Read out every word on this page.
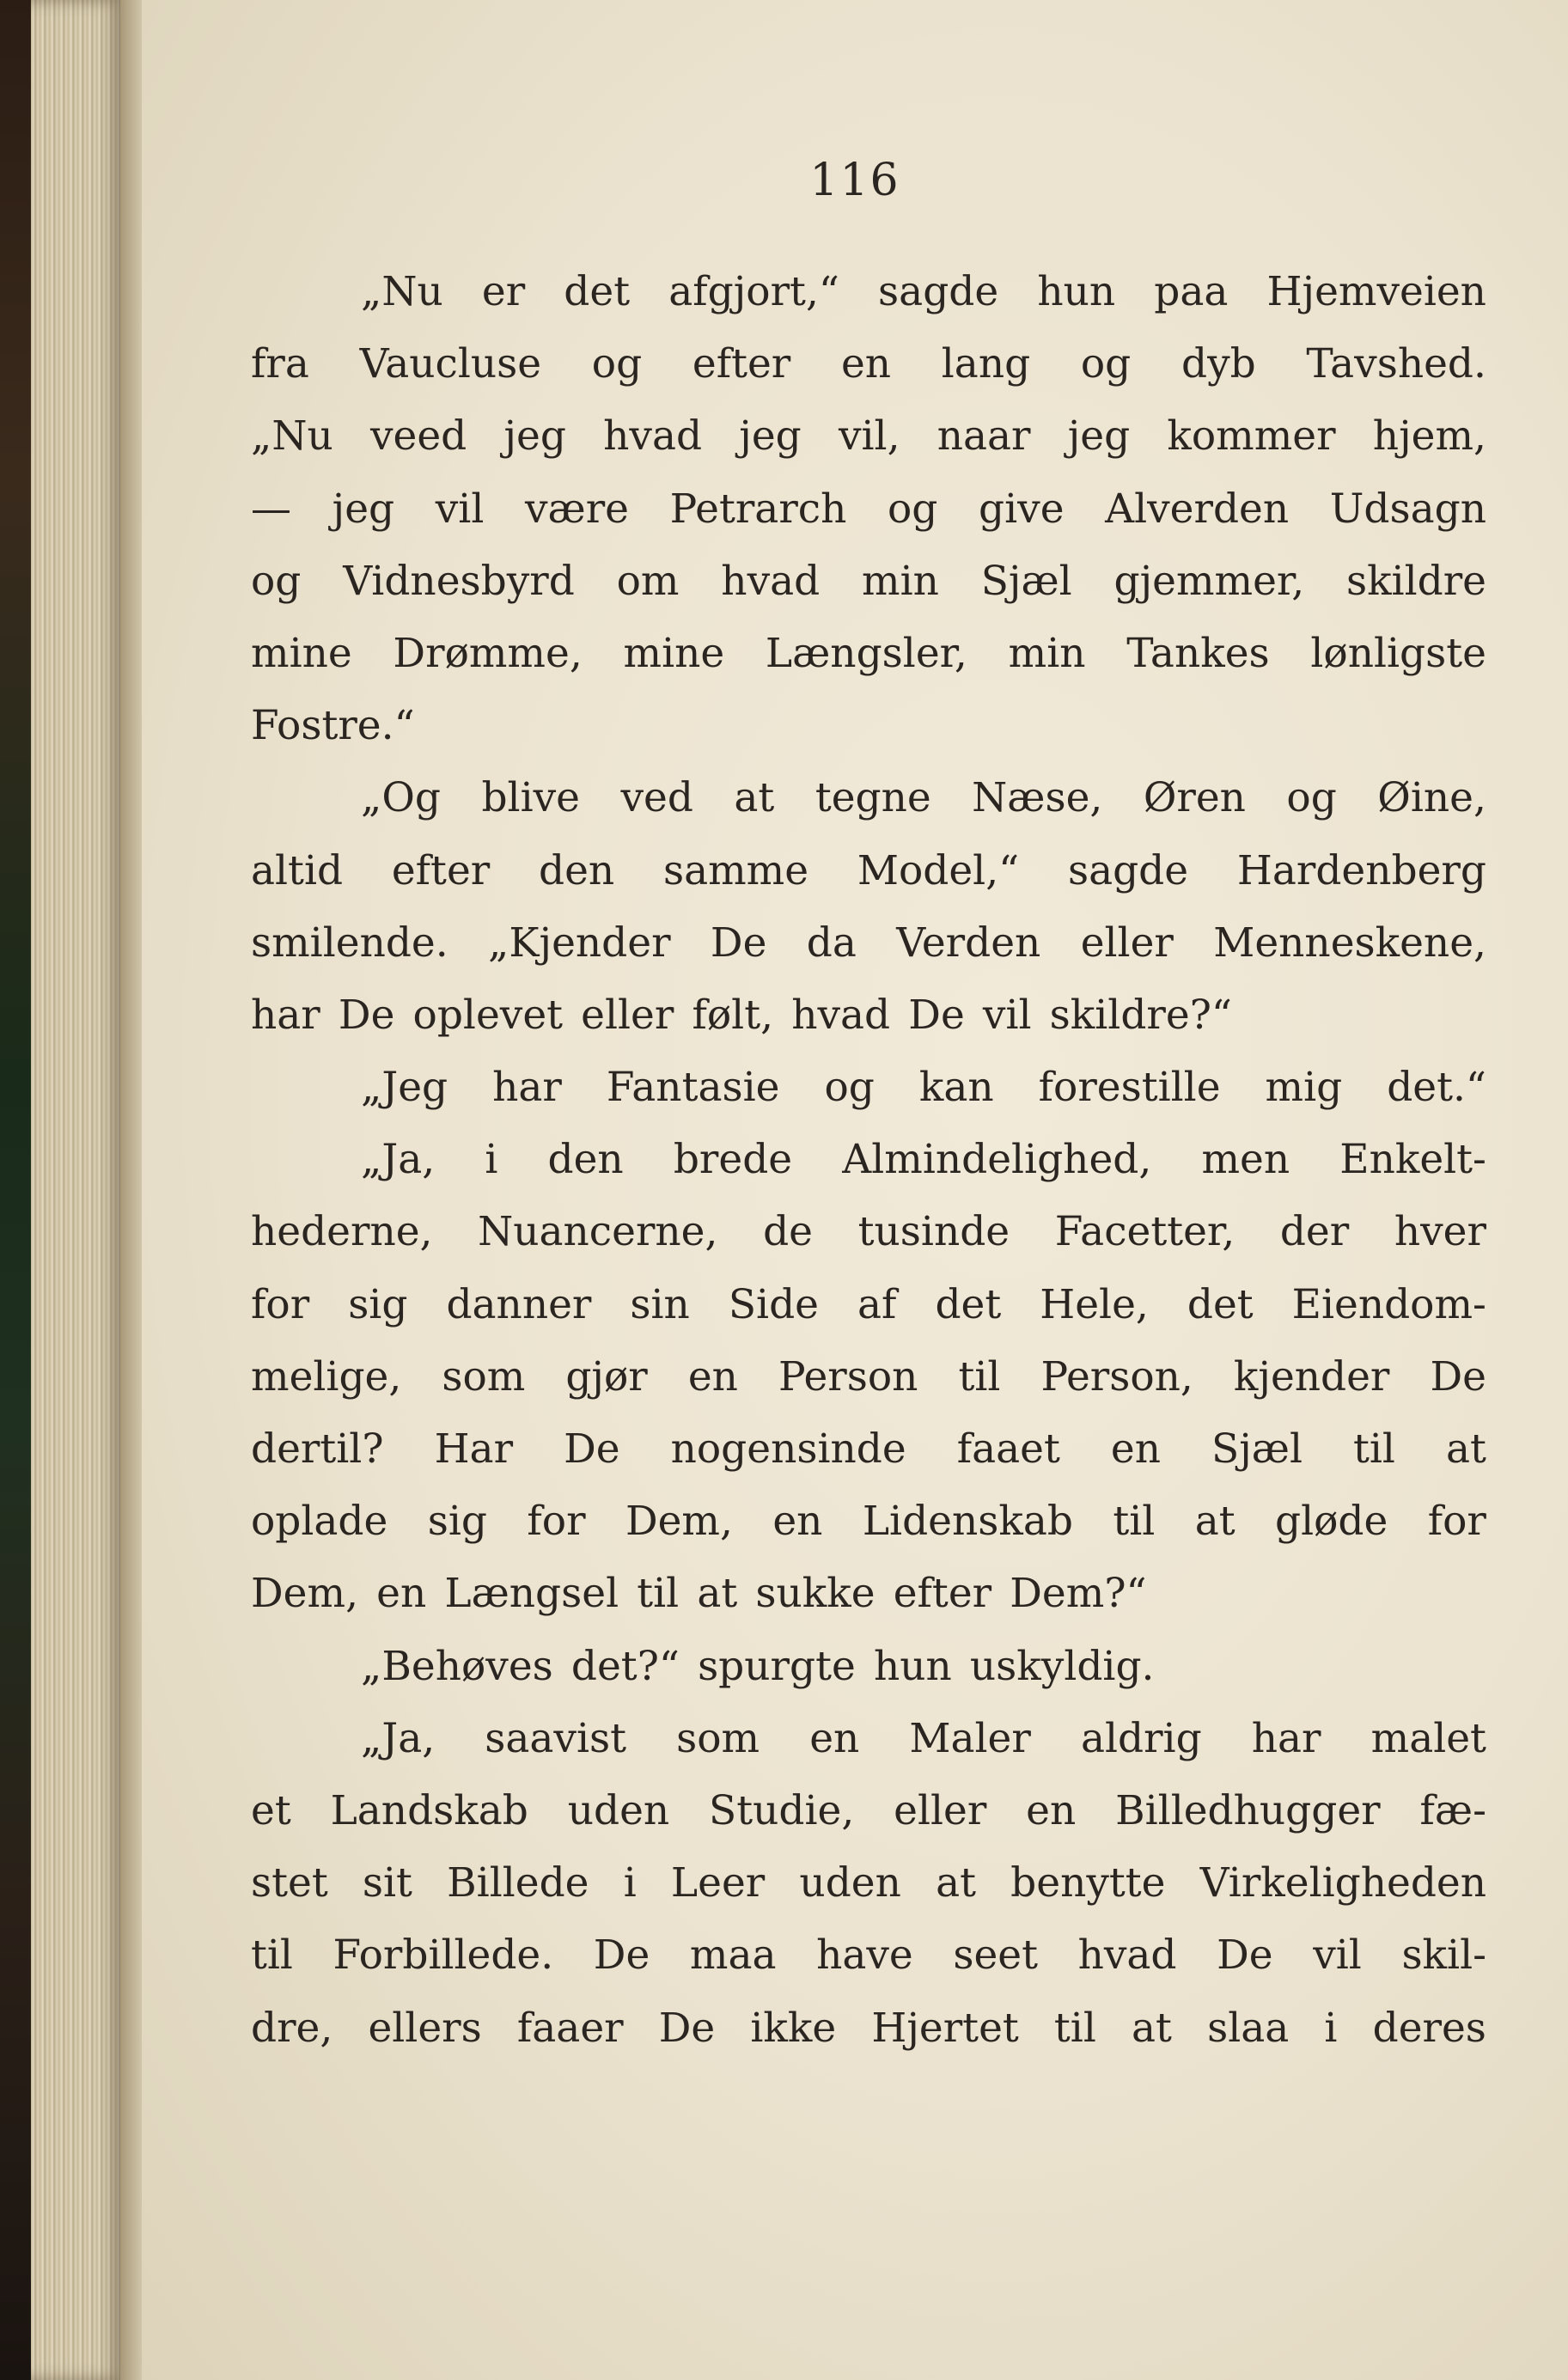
116
„Nu er det afgjort,“ sagde hun paa Hjemveien
fra Vaucluse og efter en lang og dyb Tavshed.
„Nu veed jeg hvad jeg vil, naar jeg kommer hjem,
— jeg vil være Petrarch og give Alverden Udsagn
og Vidnesbyrd om hvad min Sjæl gjemmer, skildre
mine Drømme, mine Længsler, min Tankes lønligste
Fostre.“
„Og blive ved at tegne Næse, Øren og Øine,
altid efter den samme Model,“ sagde Hardenberg
smilende. „Kjender De da Verden eller Menneskene,
har De oplevet eller følt, hvad De vil skildre?“
„Jeg har Fantasie og kan forestille mig det.“
„Ja, i den brede Almindelighed, men Enkelt-
hederne, Nuancerne, de tusinde Facetter, der hver
for sig danner sin Side af det Hele, det Eiendom-
melige, som gjør en Person til Person, kjender De
dertil? Har De nogensinde faaet en Sjæl til at
oplade sig for Dem, en Lidenskab til at gløde for
Dem, en Længsel til at sukke efter Dem?“
„Behøves det?“ spurgte hun uskyldig.
„Ja, saavist som en Maler aldrig har malet
et Landskab uden Studie, eller en Billedhugger fæ-
stet sit Billede i Leer uden at benytte Virkeligheden
til Forbillede. De maa have seet hvad De vil skil-
dre, ellers faaer De ikke Hjertet til at slaa i deres
